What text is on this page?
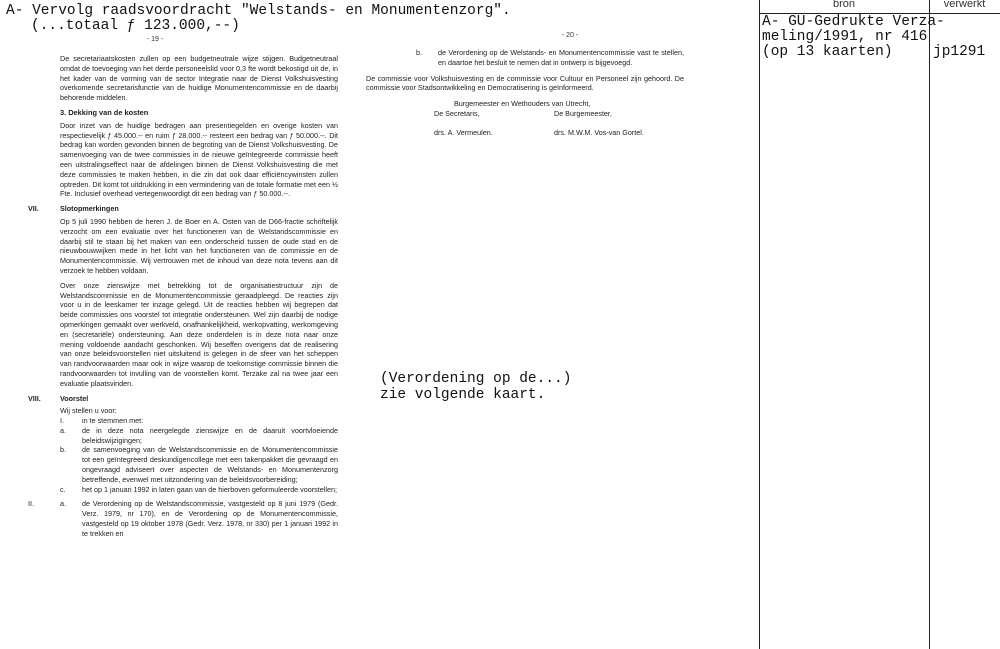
A- Vervolg raadsvoordracht "Welstands- en Monumentenzorg".
(...totaal ƒ 123.000,--)
bron	verwerkt
A- GU-Gedrukte Verza-
meling/1991, nr 416
(op 13 kaarten)	jp1291
- 19 -
De secretariaatskosten zullen op een budgetneutrale wijze stijgen. Budgetneutraal omdat de toevoeging van het derde personeelslid voor 0,3 fte wordt bekostigd uit de, in het kader van de vorming van de sector Integratie naar de Dienst Volkshuisvesting overkomende secretarisfunctie van de huidige Monumentencommissie en de daarbij behorende middelen.
3. Dekking van de kosten
Door inzet van de huidige bedragen aan presentiegelden en overige kosten van respectievelijk ƒ 45.000.-- en ruim ƒ 28.000.-- resteert een bedrag van ƒ 50.000.--. Dit bedrag kan worden gevonden binnen de begroting van de Dienst Volkshuisvesting. De samenvoeging van de twee commissies in de nieuwe geïntegreerde commissie heeft een uitstralingseffect naar de afdelingen binnen de Dienst Volkshuisvesting die met deze commissies te maken hebben, in die zin dat ook daar efficiëncywinsten zullen optreden. Dit komt tot uitdrukking in een vermindering van de totale formatie met een ½ Fte. Inclusief overhead vertegenwoordigt dit een bedrag van ƒ 50.000.--.
VII.	Slotopmerkingen
Op 5 juli 1990 hebben de heren J. de Boer en A. Osten van de D66-fractie schriftelijk verzocht om een evaluatie over het functioneren van de Welstandscommissie en daarbij stil te staan bij het maken van een onderscheid tussen de oude stad en de nieuwbouwwijken mede in het licht van het functioneren van de commissie en de Monumentencommissie. Wij vertrouwen met de inhoud van deze nota tevens aan dit verzoek te hebben voldaan.
Over onze zienswijze met betrekking tot de organisatiestructuur zijn de Welstandscommissie en de Monumentencommissie geraadpleegd. De reacties zijn voor u in de leeskamer ter inzage gelegd. Uit de reacties hebben wij begrepen dat beide commissies ons voorstel tot integratie ondersteunen. Wel zijn daarbij de nodige opmerkingen gemaakt over werkveld, onafhankelijkheid, werkopvatting, werkomgeving en (secretariële) ondersteuning. Aan deze onderdelen is in deze nota naar onze mening voldoende aandacht geschonken. Wij beseffen overigens dat de realisering van onze beleidsvoorstellen niet uitsluitend is gelegen in de sfeer van het scheppen van randvoorwaarden maar ook in wijze waarop de toekomstige commissie binnen die randvoorwaarden tot invulling van de voorstellen komt. Terzake zal na twee jaar een evaluatie plaatsvinden.
VIII.	Voorstel
Wij stellen u voor:
I.	in te stemmen met:
a.	de in deze nota neergelegde zienswijze en de daaruit voortvloeiende beleidswijzigingen;
b.	de samenvoeging van de Welstandscommissie en de Monumentencommissie tot een geïntegreerd deskundigencollege met een takenpakket die gevraagd en ongevraagd adviseert over aspecten de Welstands- en Monumentenzorg betreffende, evenwel met uitzondering van de beleidsvoorbereiding;
c.	het op 1 januari 1992 in laten gaan van de hierboven geformuleerde voorstellen;
II.	a.	de Verordening op de Welstandscommissie, vastgesteld op 8 juni 1979 (Gedr. Verz. 1979, nr 170), en de Verordening op de Monumentencommissie, vastgesteld op 19 oktober 1978 (Gedr. Verz. 1978, nr 330) per 1 januari 1992 in te trekken en
- 20 -
b.	de Verordening op de Welstands- en Monumentencommissie vast te stellen, en daartoe het besluit te nemen dat in ontwerp is bijgevoegd.
De commissie voor Volkshuisvesting en de commissie voor Cultuur en Personeel zijn gehoord. De commissie voor Stadsontwikkeling en Democratisering is geïnformeerd.
Burgemeester en Wethouders van Utrecht,
De Secretaris,	De Burgemeester,
drs. A. Vermeulen.	drs. M.W.M. Vos-van Gortel.
(Verordening op de...)
zie volgende kaart.
